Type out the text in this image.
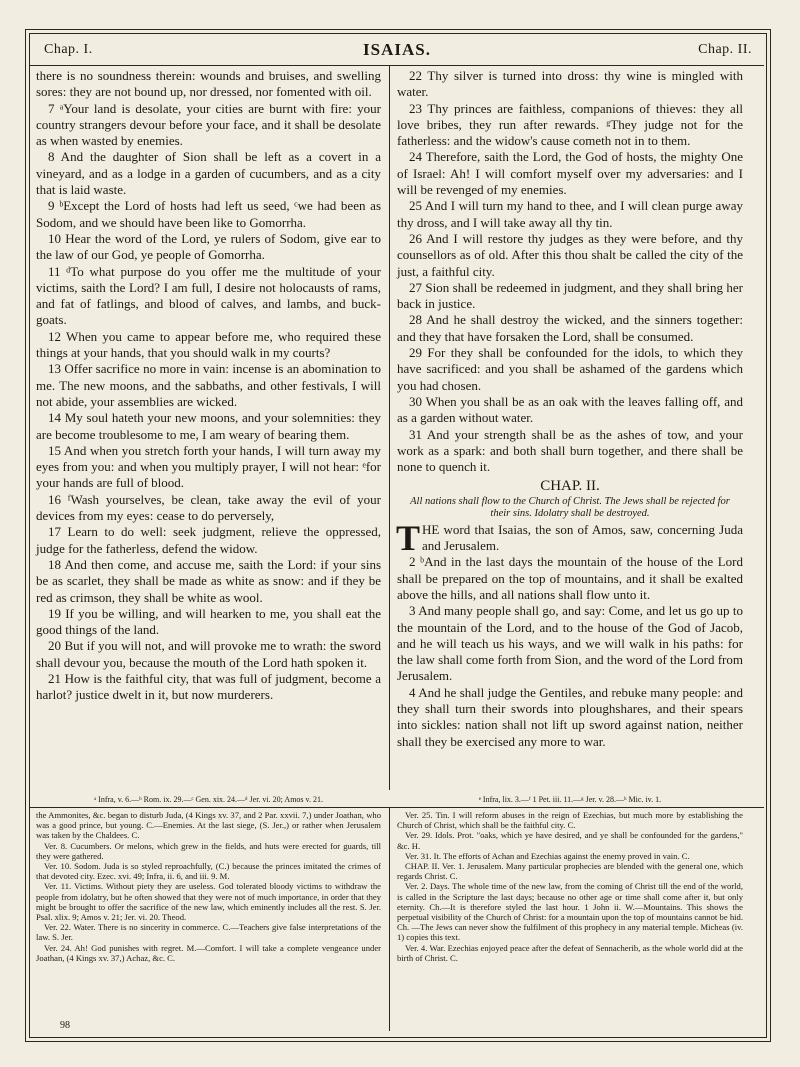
Chap. I.	ISAIAS.	Chap. II.

there is no soundness therein: wounds and bruises, and swelling sores: they are not bound up, nor dressed, nor fomented with oil.

7 ᵃYour land is desolate, your cities are burnt with fire: your country strangers devour before your face, and it shall be desolate as when wasted by enemies.

8 And the daughter of Sion shall be left as a covert in a vineyard, and as a lodge in a garden of cucumbers, and as a city that is laid waste.

9 ᵇExcept the Lord of hosts had left us seed, ᶜwe had been as Sodom, and we should have been like to Gomorrha.

10 Hear the word of the Lord, ye rulers of Sodom, give ear to the law of our God, ye people of Gomorrha.

11 ᵈTo what purpose do you offer me the multitude of your victims, saith the Lord? I am full, I desire not holocausts of rams, and fat of fatlings, and blood of calves, and lambs, and buck-goats.

12 When you came to appear before me, who required these things at your hands, that you should walk in my courts?

13 Offer sacrifice no more in vain: incense is an abomination to me. The new moons, and the sabbaths, and other festivals, I will not abide, your assemblies are wicked.

14 My soul hateth your new moons, and your solemnities: they are become troublesome to me, I am weary of bearing them.

15 And when you stretch forth your hands, I will turn away my eyes from you: and when you multiply prayer, I will not hear: ᵉfor your hands are full of blood.

16 ᶠWash yourselves, be clean, take away the evil of your devices from my eyes: cease to do perversely,

17 Learn to do well: seek judgment, relieve the oppressed, judge for the fatherless, defend the widow.

18 And then come, and accuse me, saith the Lord: if your sins be as scarlet, they shall be made as white as snow: and if they be red as crimson, they shall be white as wool.

19 If you be willing, and will hearken to me, you shall eat the good things of the land.

20 But if you will not, and will provoke me to wrath: the sword shall devour you, because the mouth of the Lord hath spoken it.

21 How is the faithful city, that was full of judgment, become a harlot? justice dwelt in it, but now murderers.

22 Thy silver is turned into dross: thy wine is mingled with water.

23 Thy princes are faithless, companions of thieves: they all love bribes, they run after rewards. ᵍThey judge not for the fatherless: and the widow's cause cometh not in to them.

24 Therefore, saith the Lord, the God of hosts, the mighty One of Israel: Ah! I will comfort myself over my adversaries: and I will be revenged of my enemies.

25 And I will turn my hand to thee, and I will clean purge away thy dross, and I will take away all thy tin.

26 And I will restore thy judges as they were before, and thy counsellors as of old. After this thou shalt be called the city of the just, a faithful city.

27 Sion shall be redeemed in judgment, and they shall bring her back in justice.

28 And he shall destroy the wicked, and the sinners together: and they that have forsaken the Lord, shall be consumed.

29 For they shall be confounded for the idols, to which they have sacrificed: and you shall be ashamed of the gardens which you had chosen.

30 When you shall be as an oak with the leaves falling off, and as a garden without water.

31 And your strength shall be as the ashes of tow, and your work as a spark: and both shall burn together, and there shall be none to quench it.

CHAP. II.
All nations shall flow to the Church of Christ. The Jews shall be rejected for their sins. Idolatry shall be destroyed.

THE word that Isaias, the son of Amos, saw, concerning Juda and Jerusalem.

2 ᵇAnd in the last days the mountain of the house of the Lord shall be prepared on the top of mountains, and it shall be exalted above the hills, and all nations shall flow unto it.

3 And many people shall go, and say: Come, and let us go up to the mountain of the Lord, and to the house of the God of Jacob, and he will teach us his ways, and we will walk in his paths: for the law shall come forth from Sion, and the word of the Lord from Jerusalem.

4 And he shall judge the Gentiles, and rebuke many people: and they shall turn their swords into ploughshares, and their spears into sickles: nation shall not lift up sword against nation, neither shall they be exercised any more to war.

ᵃ Infra, v. 6.—ᵇ Rom. ix. 29.—ᶜ Gen. xix. 24.—ᵈ Jer. vi. 20; Amos v. 21.	ᵉ Infra, lix. 3.—ᶠ 1 Pet. iii. 11.—ᵍ Jer. v. 28.—ʰ Mic. iv. 1.

the Ammonites, &c. began to disturb Juda, (4 Kings xv. 37, and 2 Par. xxvii. 7,) under Joathan, who was a good prince, but young. C.—Enemies. At the last siege, (S. Jer.,) or rather when Jerusalem was taken by the Chaldees. C.

Ver. 8. Cucumbers. Or melons, which grew in the fields, and huts were erected for guards, till they were gathered.

Ver. 10. Sodom. Juda is so styled reproachfully, (C.) because the princes imitated the crimes of that devoted city. Ezec. xvi. 49; Infra, ii. 6, and iii. 9. M.

Ver. 11. Victims. Without piety they are useless. God tolerated bloody victims to withdraw the people from idolatry, but he often showed that they were not of much importance, in order that they might be brought to offer the sacrifice of the new law, which eminently includes all the rest. S. Jer. Psal. xlix. 9; Amos v. 21; Jer. vi. 20. Theod.

Ver. 22. Water. There is no sincerity in commerce. C.—Teachers give false interpretations of the law. S. Jer.

Ver. 24. Ah! God punishes with regret. M.—Comfort. I will take a complete vengeance under Joathan, (4 Kings xv. 37,) Achaz, &c. C.

Ver. 25. Tin. I will reform abuses in the reign of Ezechias, but much more by establishing the Church of Christ, which shall be the faithful city. C.

Ver. 29. Idols. Prot. "oaks, which ye have desired, and ye shall be confounded for the gardens," &c. H.

Ver. 31. It. The efforts of Achan and Ezechias against the enemy proved in vain. C.

CHAP. II. Ver. 1. Jerusalem. Many particular prophecies are blended with the general one, which regards Christ. C.

Ver. 2. Days. The whole time of the new law, from the coming of Christ till the end of the world, is called in the Scripture the last days; because no other age or time shall come after it, but only eternity. Ch.—It is therefore styled the last hour. 1 John ii. W.—Mountains. This shows the perpetual visibility of the Church of Christ: for a mountain upon the top of mountains cannot be hid. Ch. —The Jews can never show the fulfilment of this prophecy in any material temple. Micheas (iv. 1) copies this text.

Ver. 4. War. Ezechias enjoyed peace after the defeat of Sennacherib, as the whole world did at the birth of Christ. C.

98
